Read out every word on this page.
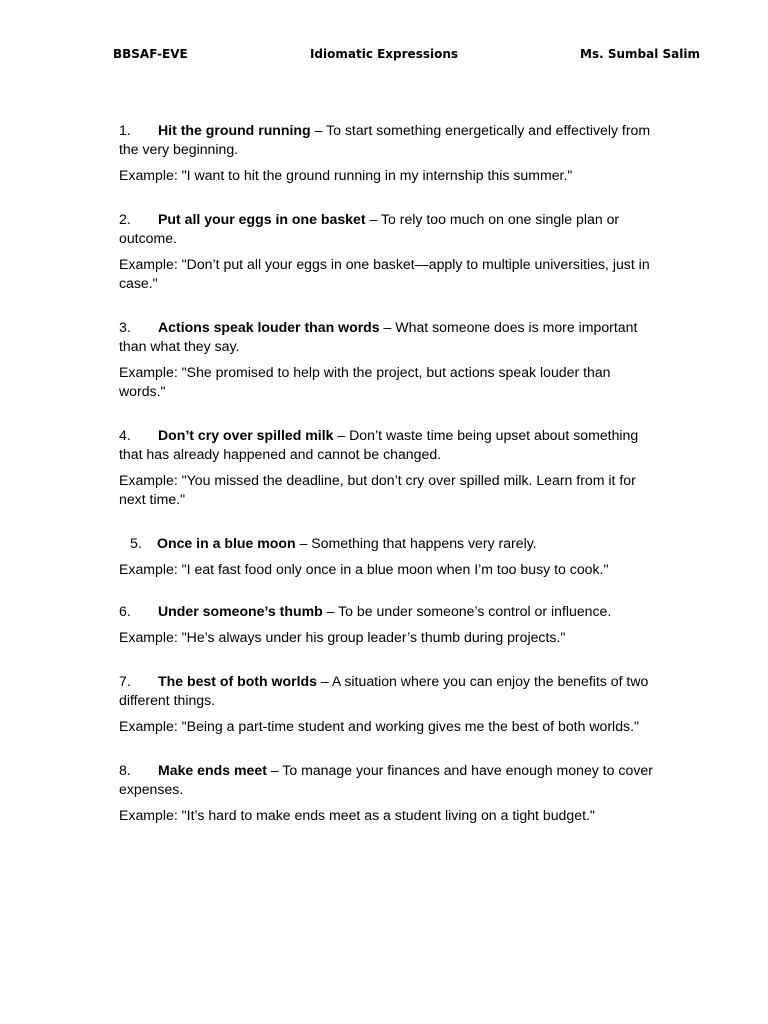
BBSAF-EVE	Idiomatic Expressions	Ms. Sumbal Salim

1. Hit the ground running – To start something energetically and effectively from the very beginning.

Example: "I want to hit the ground running in my internship this summer."

2. Put all your eggs in one basket – To rely too much on one single plan or outcome.

Example: "Don’t put all your eggs in one basket—apply to multiple universities, just in case."

3. Actions speak louder than words – What someone does is more important than what they say.

Example: "She promised to help with the project, but actions speak louder than words."

4. Don’t cry over spilled milk – Don’t waste time being upset about something that has already happened and cannot be changed.

Example: "You missed the deadline, but don’t cry over spilled milk. Learn from it for next time."

5. Once in a blue moon – Something that happens very rarely.

Example: "I eat fast food only once in a blue moon when I’m too busy to cook."

6. Under someone’s thumb – To be under someone’s control or influence.

Example: "He’s always under his group leader’s thumb during projects."

7. The best of both worlds – A situation where you can enjoy the benefits of two different things.

Example: "Being a part-time student and working gives me the best of both worlds."

8. Make ends meet – To manage your finances and have enough money to cover expenses.

Example: "It’s hard to make ends meet as a student living on a tight budget."
